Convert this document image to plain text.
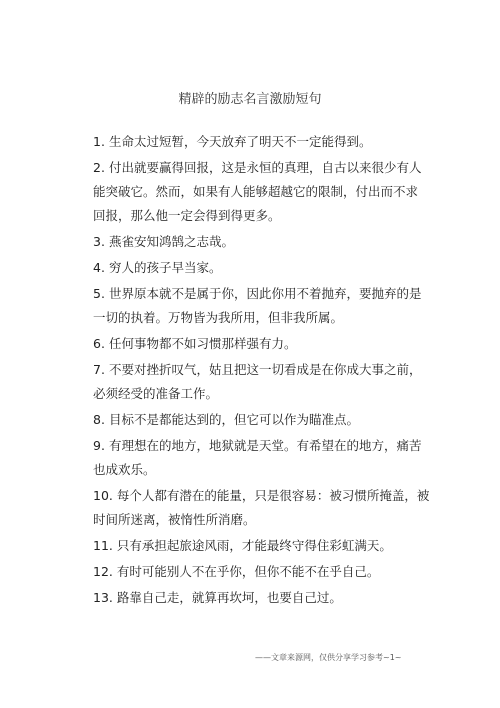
精辟的励志名言激励短句

1. 生命太过短暂，今天放弃了明天不一定能得到。

2. 付出就要赢得回报，这是永恒的真理，自古以来很少有人能突破它。然而，如果有人能够超越它的限制，付出而不求回报，那么他一定会得到得更多。

3. 燕雀安知鸿鹄之志哉。

4. 穷人的孩子早当家。

5. 世界原本就不是属于你，因此你用不着抛弃，要抛弃的是一切的执着。万物皆为我所用，但非我所属。

6. 任何事物都不如习惯那样强有力。

7. 不要对挫折叹气，姑且把这一切看成是在你成大事之前，必须经受的准备工作。

8. 目标不是都能达到的，但它可以作为瞄准点。

9. 有理想在的地方，地狱就是天堂。有希望在的地方，痛苦也成欢乐。

10. 每个人都有潜在的能量，只是很容易：被习惯所掩盖，被时间所迷离，被惰性所消磨。

11. 只有承担起旅途风雨，才能最终守得住彩虹满天。

12. 有时可能别人不在乎你，但你不能不在乎自己。

13. 路靠自己走，就算再坎坷，也要自己过。

——文章来源网，仅供分享学习参考~1~
